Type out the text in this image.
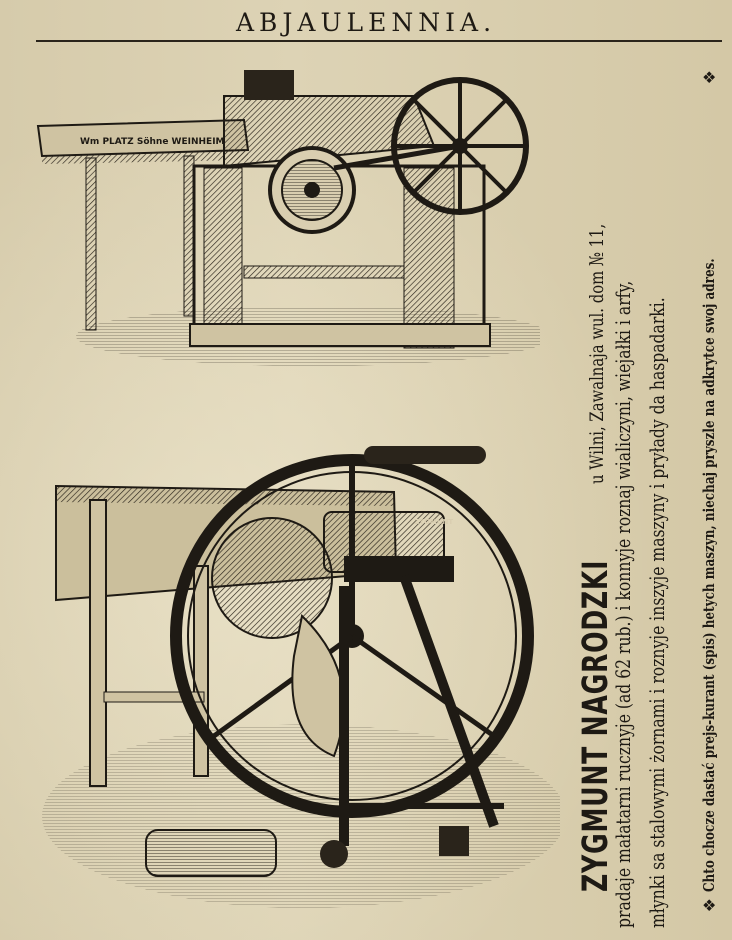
ABJAULENNIA.
Wm PLATZ Söhne WEINHEIM
ZYGMUNT
ZYGMUNT NAGRODZKI
u Wilni, Zawalnaja wul. dom № 11, pradaje małatarni rucznyje (ad 62 rub.) i konnyje roznaj wialiczyni, wiejałki i arfy, młynki sa stalowymi żornami i roznyje inszyje maszyny i pryłady da haspadarki. Chto chocze dastać prejs-kurant (spis) hetych maszyn, niechaj pryszle na adkrytce swoj adres.
❖
❖
